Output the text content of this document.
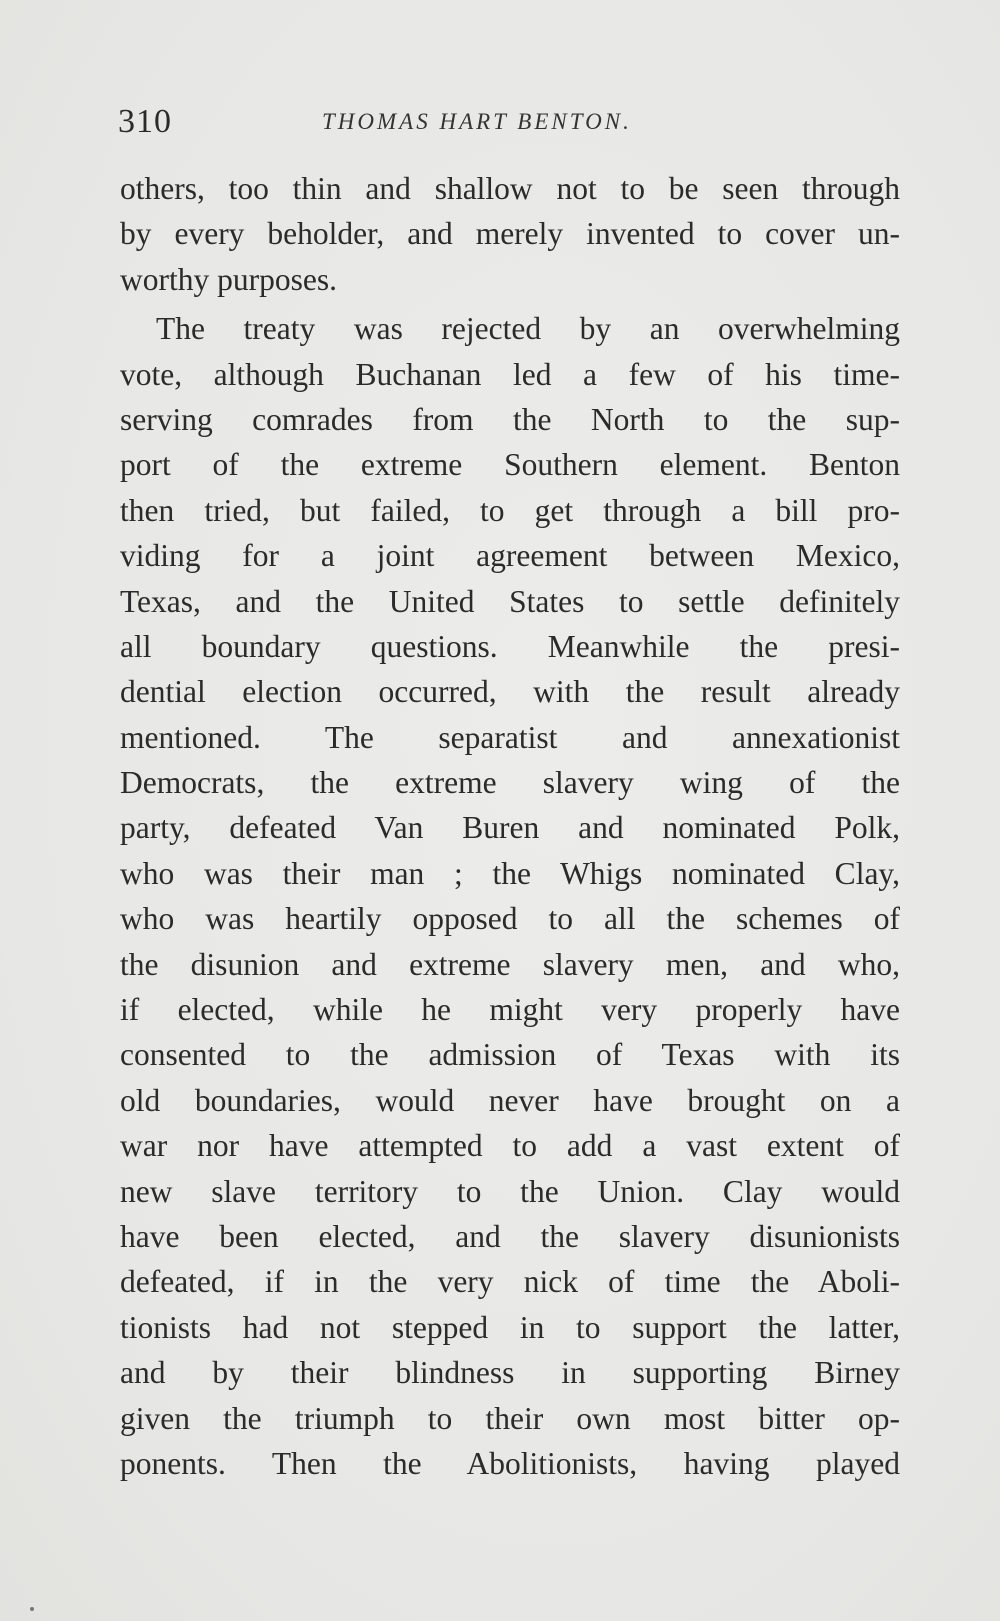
310	THOMAS HART BENTON.
others, too thin and shallow not to be seen through
by every beholder, and merely invented to cover un-
worthy purposes.
The treaty was rejected by an overwhelming
vote, although Buchanan led a few of his time-
serving comrades from the North to the sup-
port of the extreme Southern element. Benton
then tried, but failed, to get through a bill pro-
viding for a joint agreement between Mexico,
Texas, and the United States to settle definitely
all boundary questions. Meanwhile the presi-
dential election occurred, with the result already
mentioned. The separatist and annexationist
Democrats, the extreme slavery wing of the
party, defeated Van Buren and nominated Polk,
who was their man ; the Whigs nominated Clay,
who was heartily opposed to all the schemes of
the disunion and extreme slavery men, and who,
if elected, while he might very properly have
consented to the admission of Texas with its
old boundaries, would never have brought on a
war nor have attempted to add a vast extent of
new slave territory to the Union. Clay would
have been elected, and the slavery disunionists
defeated, if in the very nick of time the Aboli-
tionists had not stepped in to support the latter,
and by their blindness in supporting Birney
given the triumph to their own most bitter op-
ponents. Then the Abolitionists, having played
